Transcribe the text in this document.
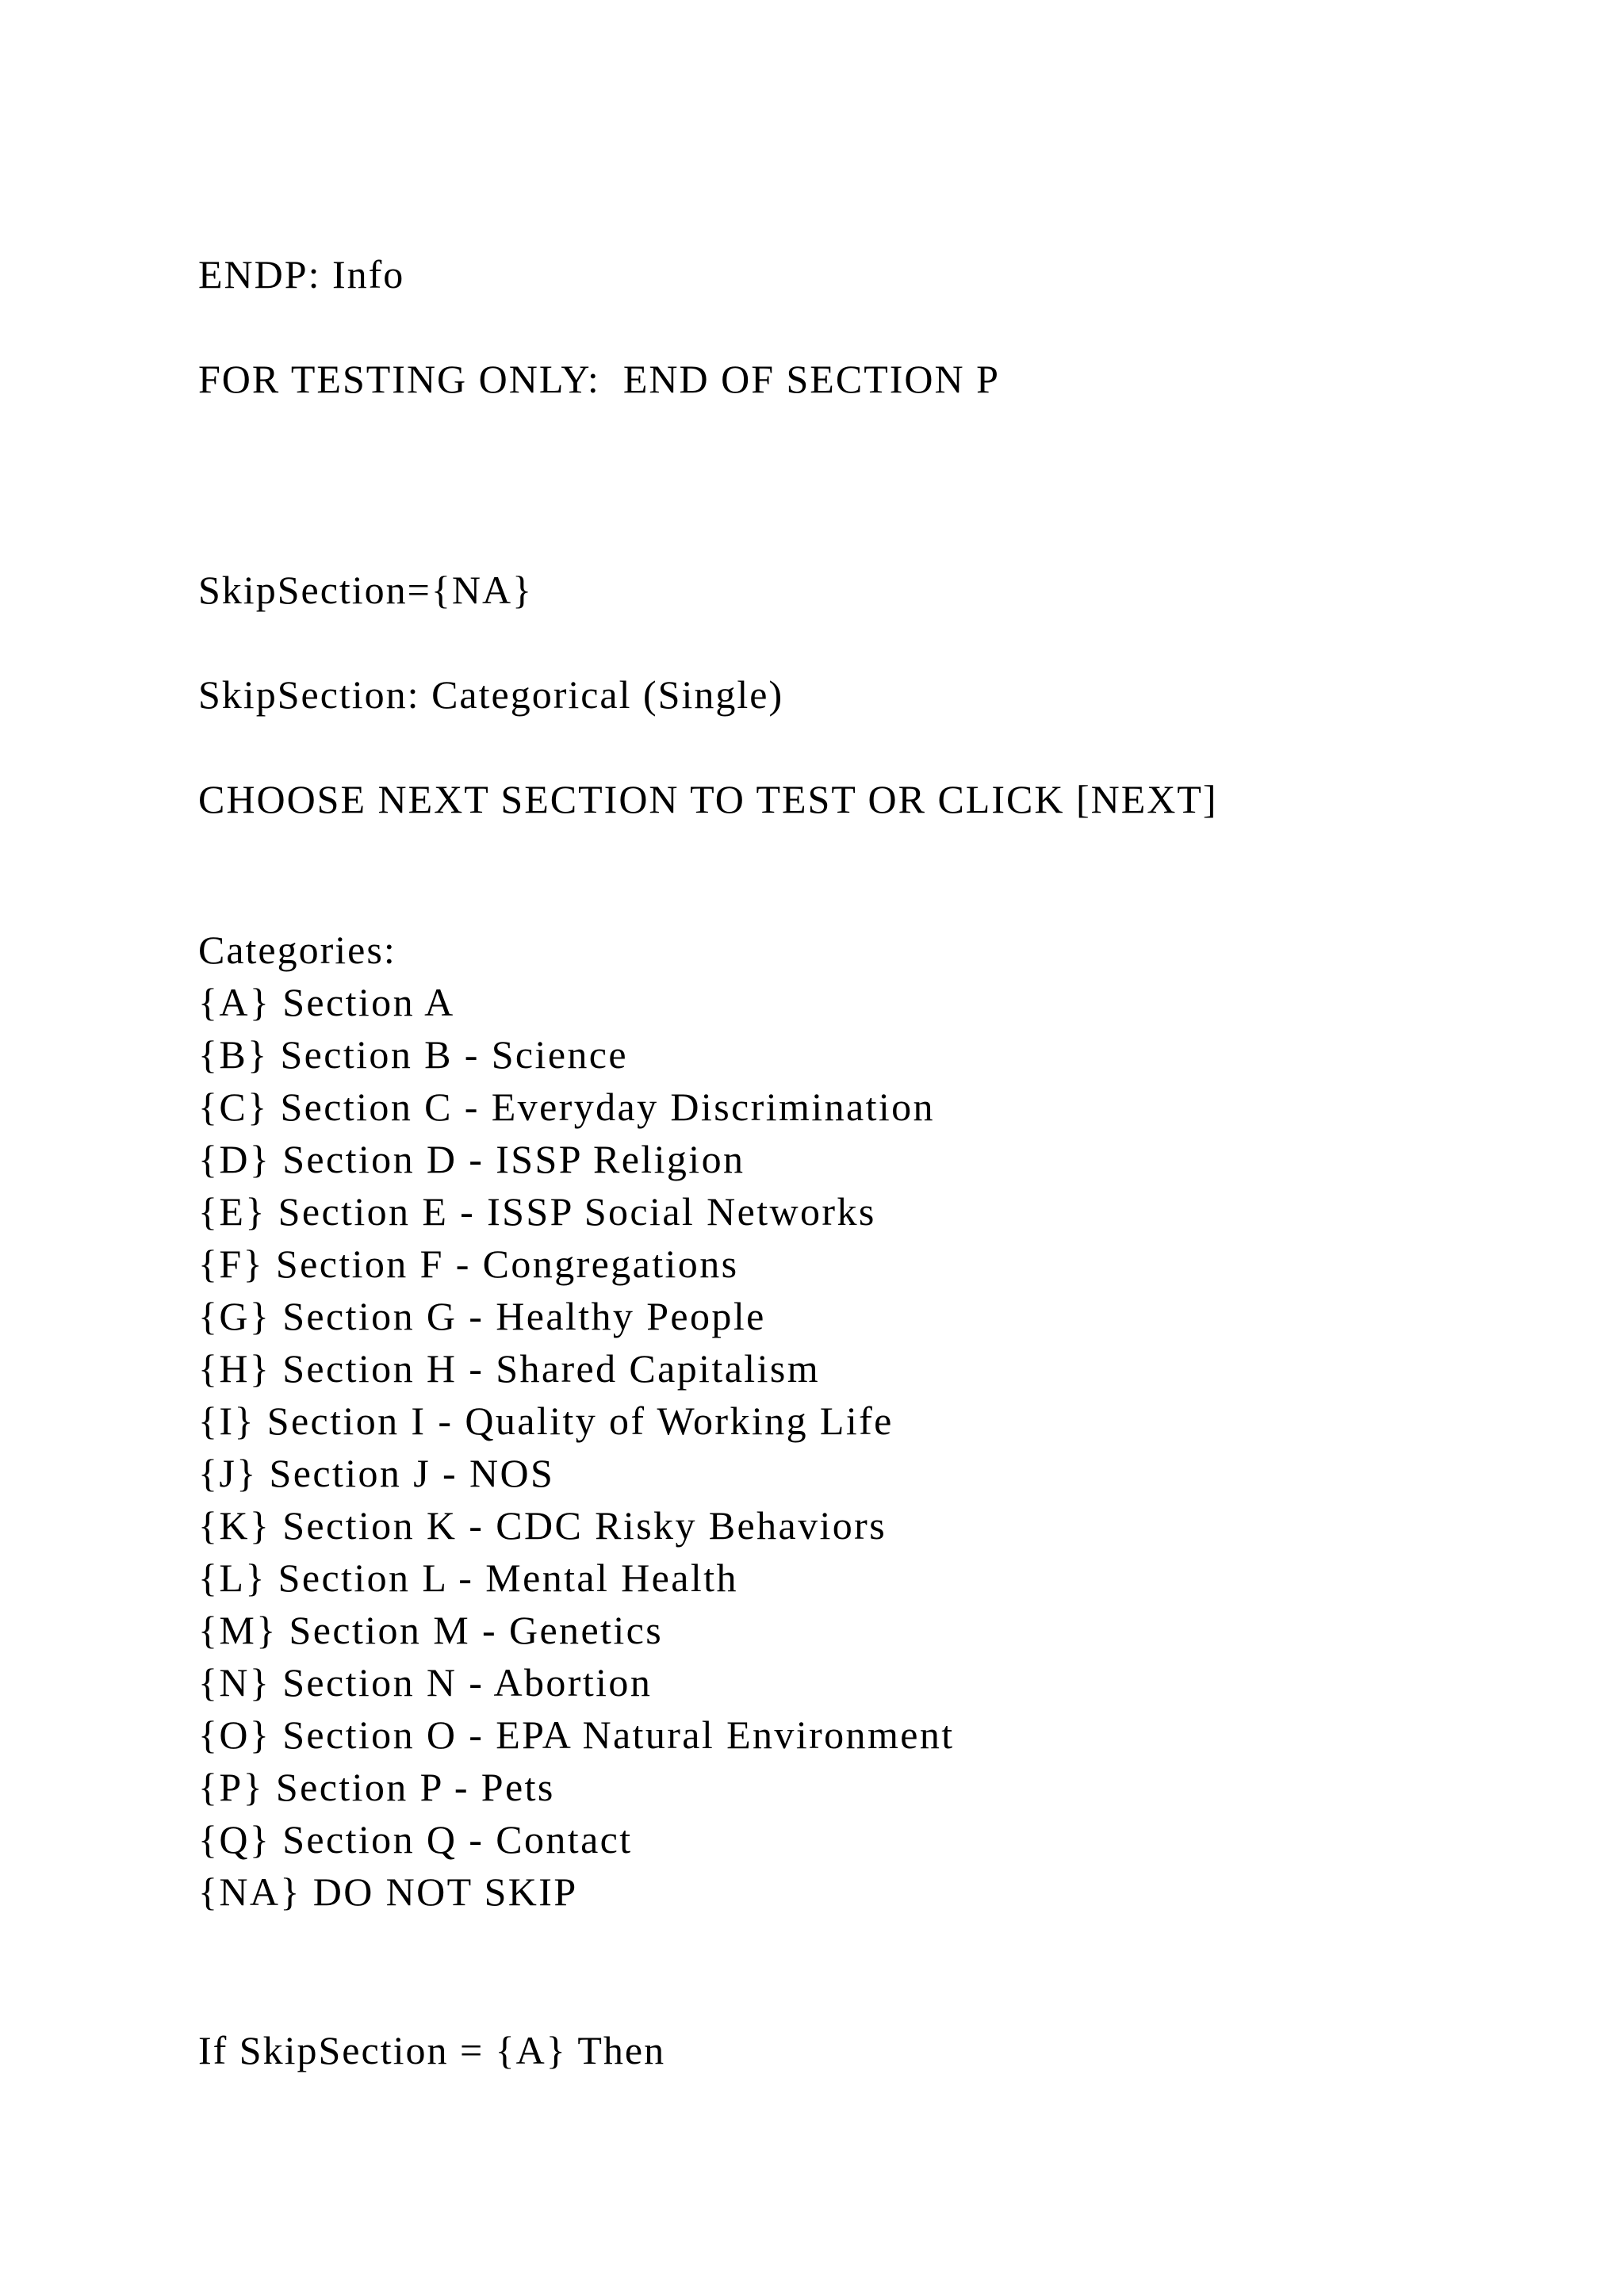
ENDP: Info
FOR TESTING ONLY:  END OF SECTION P
SkipSection={NA}
SkipSection: Categorical (Single)
CHOOSE NEXT SECTION TO TEST OR CLICK [NEXT]
Categories:
{A} Section A
{B} Section B - Science
{C} Section C - Everyday Discrimination
{D} Section D - ISSP Religion
{E} Section E - ISSP Social Networks
{F} Section F - Congregations
{G} Section G - Healthy People
{H} Section H - Shared Capitalism
{I} Section I - Quality of Working Life
{J} Section J - NOS
{K} Section K - CDC Risky Behaviors
{L} Section L - Mental Health
{M} Section M - Genetics
{N} Section N - Abortion
{O} Section O - EPA Natural Environment
{P} Section P - Pets
{Q} Section Q - Contact
{NA} DO NOT SKIP
If SkipSection = {A} Then
